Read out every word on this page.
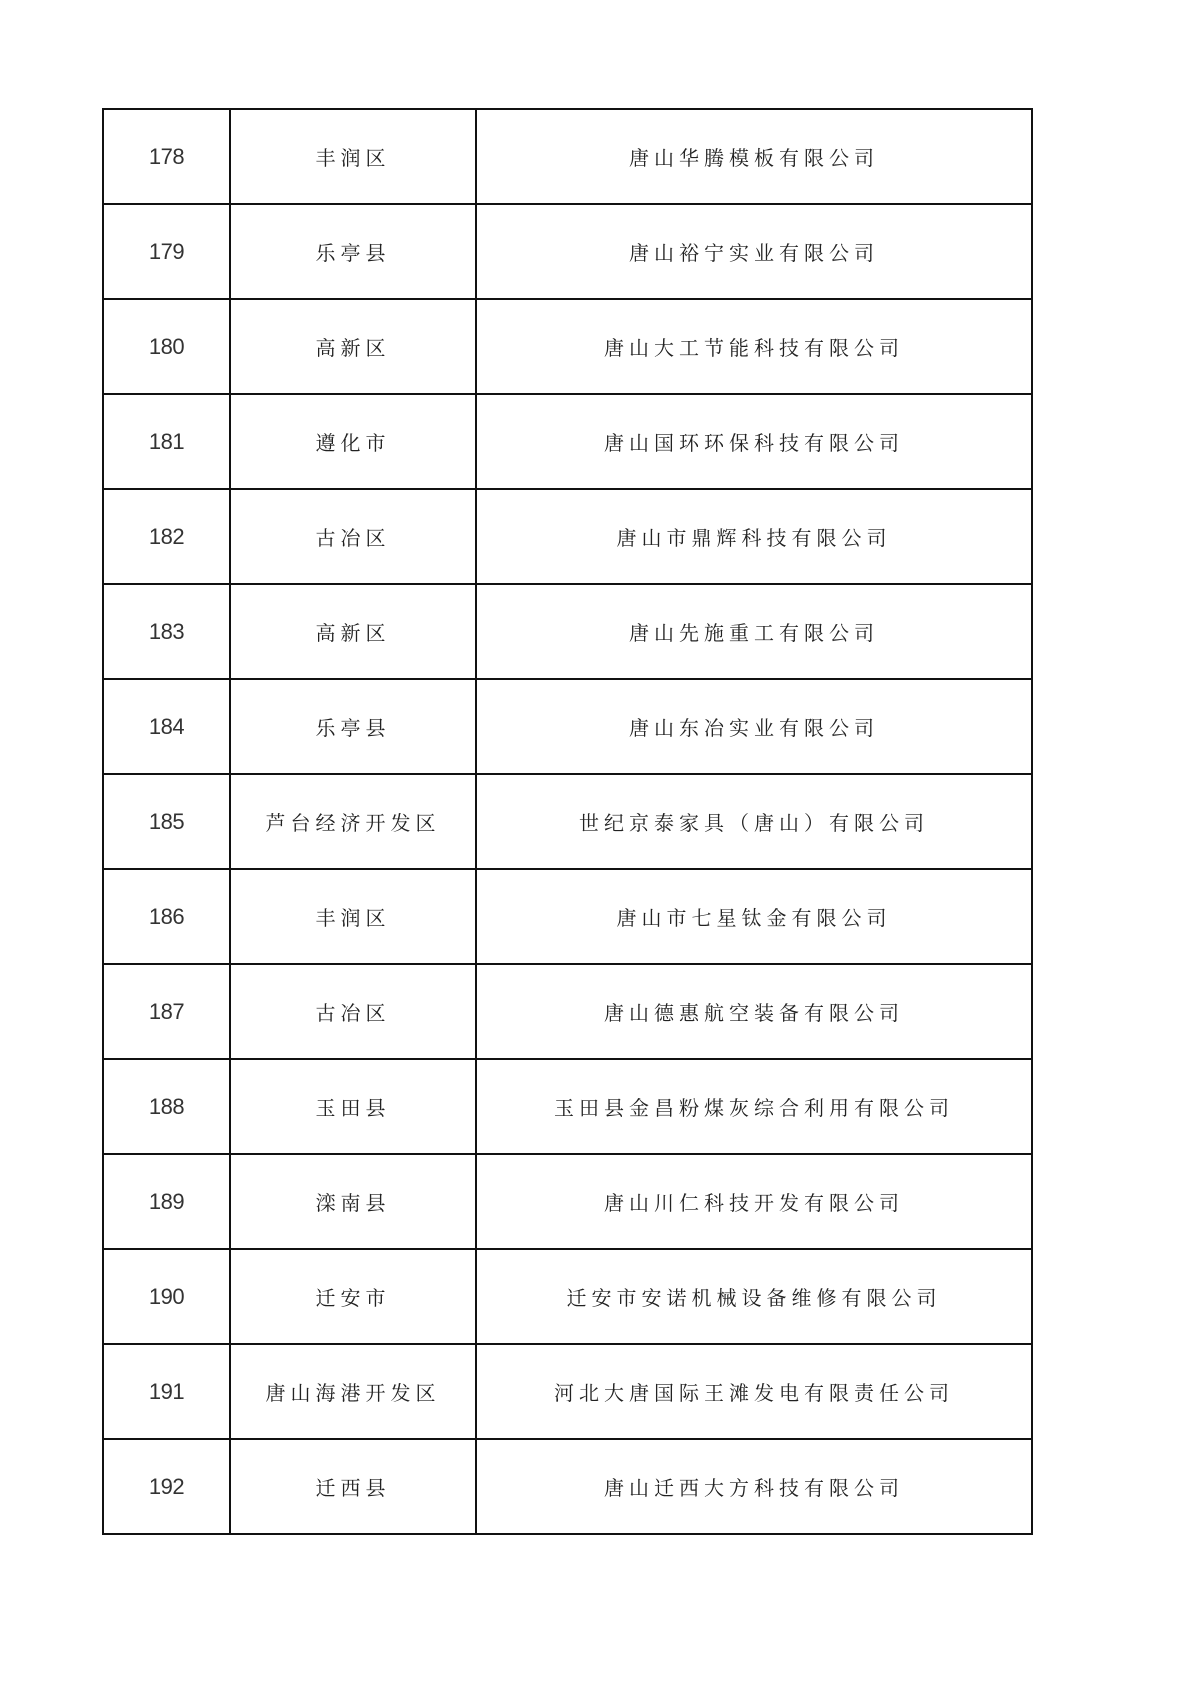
178	丰润区	唐山华腾模板有限公司
179	乐亭县	唐山裕宁实业有限公司
180	高新区	唐山大工节能科技有限公司
181	遵化市	唐山国环环保科技有限公司
182	古冶区	唐山市鼎辉科技有限公司
183	高新区	唐山先施重工有限公司
184	乐亭县	唐山东冶实业有限公司
185	芦台经济开发区	世纪京泰家具（唐山）有限公司
186	丰润区	唐山市七星钛金有限公司
187	古冶区	唐山德惠航空装备有限公司
188	玉田县	玉田县金昌粉煤灰综合利用有限公司
189	滦南县	唐山川仁科技开发有限公司
190	迁安市	迁安市安诺机械设备维修有限公司
191	唐山海港开发区	河北大唐国际王滩发电有限责任公司
192	迁西县	唐山迁西大方科技有限公司
